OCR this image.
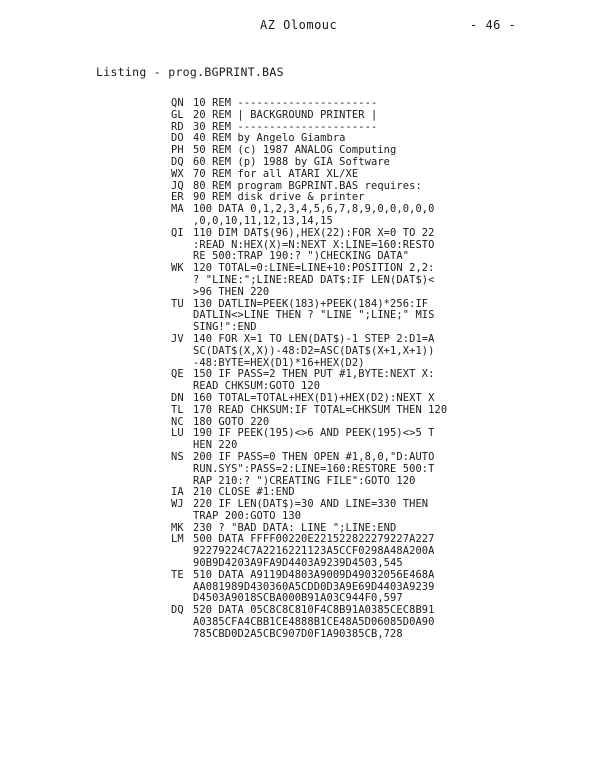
AZ Olomouc	- 46 -
Listing - prog.BGPRINT.BAS
QN 10 REM ----------------------
GL 20 REM | BACKGROUND PRINTER |
RD 30 REM ----------------------
DO 40 REM by Angelo Giambra
PH 50 REM (c) 1987 ANALOG Computing
DQ 60 REM (p) 1988 by GIA Software
WX 70 REM for all ATARI XL/XE
JQ 80 REM program BGPRINT.BAS requires:
ER 90 REM disk drive & printer
MA 100 DATA 0,1,2,3,4,5,6,7,8,9,0,0,0,0,0
,0,0,10,11,12,13,14,15
QI 110 DIM DAT$(96),HEX(22):FOR X=0 TO 22
:READ N:HEX(X)=N:NEXT X:LINE=160:RESTO
RE 500:TRAP 190:? ")CHECKING DATA"
WK 120 TOTAL=0:LINE=LINE+10:POSITION 2,2:
? "LINE:";LINE:READ DAT$:IF LEN(DAT$)<
>96 THEN 220
TU 130 DATLIN=PEEK(183)+PEEK(184)*256:IF
DATLIN<>LINE THEN ? "LINE ";LINE;" MIS
SING!":END
JV 140 FOR X=1 TO LEN(DAT$)-1 STEP 2:D1=A
SC(DAT$(X,X))-48:D2=ASC(DAT$(X+1,X+1))
-48:BYTE=HEX(D1)*16+HEX(D2)
QE 150 IF PASS=2 THEN PUT #1,BYTE:NEXT X:
READ CHKSUM:GOTO 120
DN 160 TOTAL=TOTAL+HEX(D1)+HEX(D2):NEXT X
TL 170 READ CHKSUM:IF TOTAL=CHKSUM THEN 120
NC 180 GOTO 220
LU 190 IF PEEK(195)<>6 AND PEEK(195)<>5 T
HEN 220
NS 200 IF PASS=0 THEN OPEN #1,8,0,"D:AUTO
RUN.SYS":PASS=2:LINE=160:RESTORE 500:T
RAP 210:? ")CREATING FILE":GOTO 120
IA 210 CLOSE #1:END
WJ 220 IF LEN(DAT$)=30 AND LINE=330 THEN
TRAP 200:GOTO 130
MK 230 ? "BAD DATA: LINE ";LINE:END
LM 500 DATA FFFF00220E221522822279227A227
92279224C7A2216221123A5CCF0298A48A200A
90B9D4203A9FA9D4403A9239D4503,545
TE 510 DATA A9119D4803A9009D49032056E468A
AA081989D430360A5CDD0D3A9E69D4403A9239
D4503A9018SCBA000B91A03C944F0,597
DQ 520 DATA 05C8C8C810F4C8B91A0385CEC8B91
A0385CFA4CBB1CE4888B1CE48A5D06085D0A90
785CBD0D2A5CBC907D0F1A90385CB,728
